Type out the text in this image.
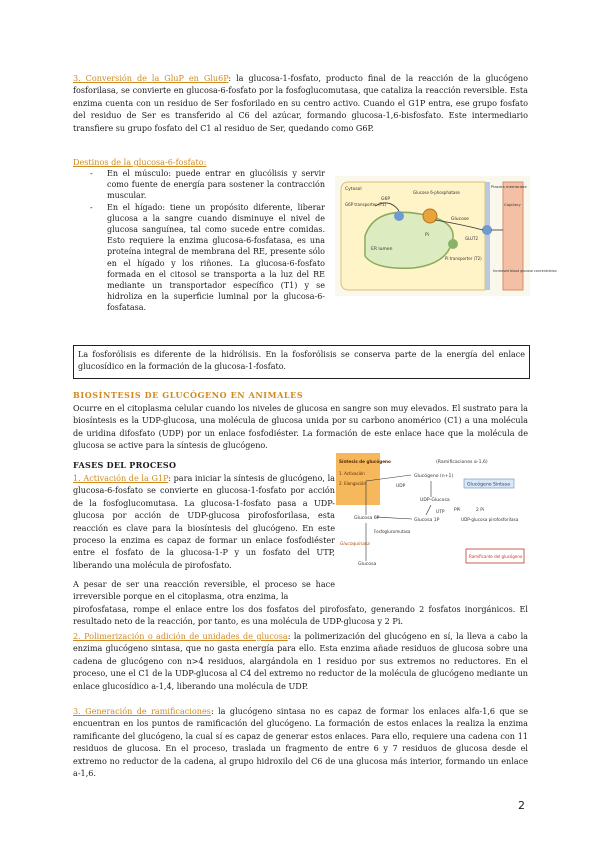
3. Conversión de la GluP en Glu6P: la glucosa-1-fosfato, producto final de la reacción de la glucógeno fosforilasa, se convierte en glucosa-6-fosfato por la fosfoglucomutasa, que cataliza la reacción reversible. Esta enzima cuenta con un residuo de Ser fosforilado en su centro activo. Cuando el G1P entra, ese grupo fosfato del residuo de Ser es transferido al C6 del azúcar, formando glucosa-1,6-bisfosfato. Este intermediario transfiere su grupo fosfato del C1 al residuo de Ser, quedando como G6P.

Destinos de la glucosa-6-fosfato:

- En el músculo: puede entrar en glucólisis y servir como fuente de energía para sostener la contracción muscular.
- En el hígado: tiene un propósito diferente, liberar glucosa a la sangre cuando disminuye el nivel de glucosa sanguínea, tal como sucede entre comidas. Esto requiere la enzima glucosa-6-fosfatasa, es una proteína integral de membrana del RE, presente sólo en el hígado y los riñones. La glucosa-6-fosfato formada en el citosol se transporta a la luz del RE mediante un transportador específico (T1) y se hidroliza en la superficie luminal por la glucosa-6-fosfatasa.
Cytosol
G6P transporter (T1)
G6P
Glucose 6-phosphatase
Pi
Glucose
ER lumen
GLUT2
Pi transporter (T2)
Plasma membrane
Capillary
Increased blood glucose concentration
La fosforólisis es diferente de la hidrólisis. En la fosforólisis se conserva parte de la energía del enlace glucosídico en la formación de la glucosa-1-fosfato.
BIOSÍNTESIS DE GLUCÓGENO EN ANIMALES

Ocurre en el citoplasma celular cuando los niveles de glucosa en sangre son muy elevados. El sustrato para la biosíntesis es la UDP-glucosa, una molécula de glucosa unida por su carbono anomérico (C1) a una molécula de uridina difosfato (UDP) por un enlace fosfodiéster. La formación de este enlace hace que la molécula de glucosa se active para la síntesis de glucógeno.

FASES DEL PROCESO

1. Activación de la G1P: para iniciar la síntesis de glucógeno, la glucosa-6-fosfato se convierte en glucosa-1-fosfato por acción de la fosfoglucomutasa. La glucosa-1-fosfato pasa a UDP-glucosa por acción de UDP-glucosa pirofosforilasa, esta reacción es clave para la biosíntesis del glucógeno. En este proceso la enzima es capaz de formar un enlace fosfodiéster entre el fosfato de la glucosa-1-P y un fosfato del UTP, liberando una molécula de pirofosfato.

A pesar de ser una reacción reversible, el proceso se hace irreversible porque en el citoplasma, otra enzima, la

pirofosfatasa, rompe el enlace entre los dos fosfatos del pirofosfato, generando 2 fosfatos inorgánicos. El resultado neto de la reacción, por tanto, es una molécula de UDP-glucosa y 2 Pi.

Síntesis de glucógeno
1. Activación
2. Elongación
(Ramificaciones α-1,6)
Glucógeno (n+1)
Glucógeno Sintasa
UDP
UDP-Glucosa
PPi	2 Pi
UDP-glucosa pirofosforilasa
Glucosa 6P	Glucosa 1P
UTP
Fosfoglucomutasa
Glucoquinasa
Glucosa
Ramificante del glucógeno

2. Polimerización o adición de unidades de glucosa: la polimerización del glucógeno en sí, la lleva a cabo la enzima glucógeno sintasa, que no gasta energía para ello. Esta enzima añade residuos de glucosa sobre una cadena de glucógeno con n>4 residuos, alargándola en 1 residuo por sus extremos no reductores. En el proceso, une el C1 de la UDP-glucosa al C4 del extremo no reductor de la molécula de glucógeno mediante un enlace glucosídico a-1,4, liberando una molécula de UDP.

3. Generación de ramificaciones: la glucógeno sintasa no es capaz de formar los enlaces alfa-1,6 que se encuentran en los puntos de ramificación del glucógeno. La formación de estos enlaces la realiza la enzima ramificante del glucógeno, la cual sí es capaz de generar estos enlaces. Para ello, requiere una cadena con 11 residuos de glucosa. En el proceso, traslada un fragmento de entre 6 y 7 residuos de glucosa desde el extremo no reductor de la cadena, al grupo hidroxilo del C6 de una glucosa más interior, formando un enlace a-1,6.

2
